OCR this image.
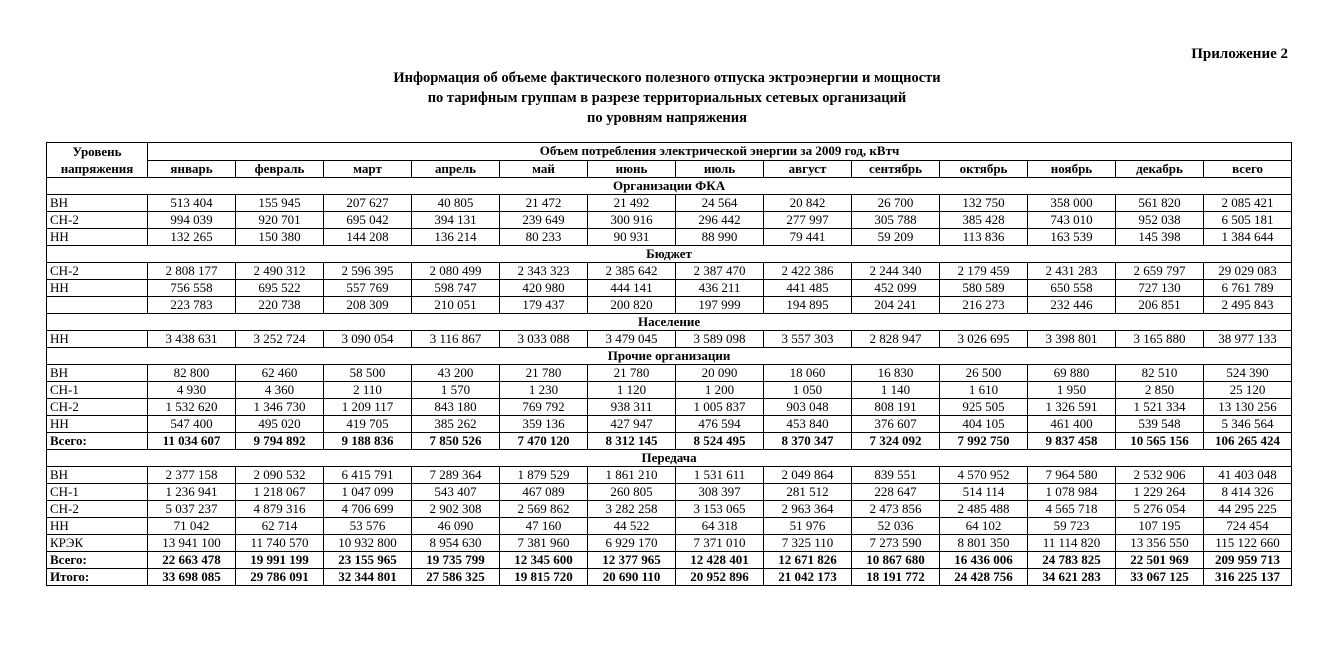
Приложение 2
Информация об объеме фактического полезного отпуска эктроэнергии и мощности
по тарифным группам в разрезе территориальных сетевых организаций
по уровням напряжения
Уровень
напряжения	Объем потребления электрической энергии за 2009 год, кВтч												
	январь	февраль	март	апрель	май	июнь	июль	август	сентябрь	октябрь	ноябрь	декабрь	всего
Организации ФКА													
ВН	513 404	155 945	207 627	40 805	21 472	21 492	24 564	20 842	26 700	132 750	358 000	561 820	2 085 421
СН-2	994 039	920 701	695 042	394 131	239 649	300 916	296 442	277 997	305 788	385 428	743 010	952 038	6 505 181
НН	132 265	150 380	144 208	136 214	80 233	90 931	88 990	79 441	59 209	113 836	163 539	145 398	1 384 644
Бюджет													
СН-2	2 808 177	2 490 312	2 596 395	2 080 499	2 343 323	2 385 642	2 387 470	2 422 386	2 244 340	2 179 459	2 431 283	2 659 797	29 029 083
НН	756 558	695 522	557 769	598 747	420 980	444 141	436 211	441 485	452 099	580 589	650 558	727 130	6 761 789
	223 783	220 738	208 309	210 051	179 437	200 820	197 999	194 895	204 241	216 273	232 446	206 851	2 495 843
Население													
НН	3 438 631	3 252 724	3 090 054	3 116 867	3 033 088	3 479 045	3 589 098	3 557 303	2 828 947	3 026 695	3 398 801	3 165 880	38 977 133
Прочие организации													
ВН	82 800	62 460	58 500	43 200	21 780	21 780	20 090	18 060	16 830	26 500	69 880	82 510	524 390
СН-1	4 930	4 360	2 110	1 570	1 230	1 120	1 200	1 050	1 140	1 610	1 950	2 850	25 120
СН-2	1 532 620	1 346 730	1 209 117	843 180	769 792	938 311	1 005 837	903 048	808 191	925 505	1 326 591	1 521 334	13 130 256
НН	547 400	495 020	419 705	385 262	359 136	427 947	476 594	453 840	376 607	404 105	461 400	539 548	5 346 564
Всего:	11 034 607	9 794 892	9 188 836	7 850 526	7 470 120	8 312 145	8 524 495	8 370 347	7 324 092	7 992 750	9 837 458	10 565 156	106 265 424
Передача													
ВН	2 377 158	2 090 532	6 415 791	7 289 364	1 879 529	1 861 210	1 531 611	2 049 864	839 551	4 570 952	7 964 580	2 532 906	41 403 048
СН-1	1 236 941	1 218 067	1 047 099	543 407	467 089	260 805	308 397	281 512	228 647	514 114	1 078 984	1 229 264	8 414 326
СН-2	5 037 237	4 879 316	4 706 699	2 902 308	2 569 862	3 282 258	3 153 065	2 963 364	2 473 856	2 485 488	4 565 718	5 276 054	44 295 225
НН	71 042	62 714	53 576	46 090	47 160	44 522	64 318	51 976	52 036	64 102	59 723	107 195	724 454
КРЭК	13 941 100	11 740 570	10 932 800	8 954 630	7 381 960	6 929 170	7 371 010	7 325 110	7 273 590	8 801 350	11 114 820	13 356 550	115 122 660
Всего:	22 663 478	19 991 199	23 155 965	19 735 799	12 345 600	12 377 965	12 428 401	12 671 826	10 867 680	16 436 006	24 783 825	22 501 969	209 959 713
Итого:	33 698 085	29 786 091	32 344 801	27 586 325	19 815 720	20 690 110	20 952 896	21 042 173	18 191 772	24 428 756	34 621 283	33 067 125	316 225 137
